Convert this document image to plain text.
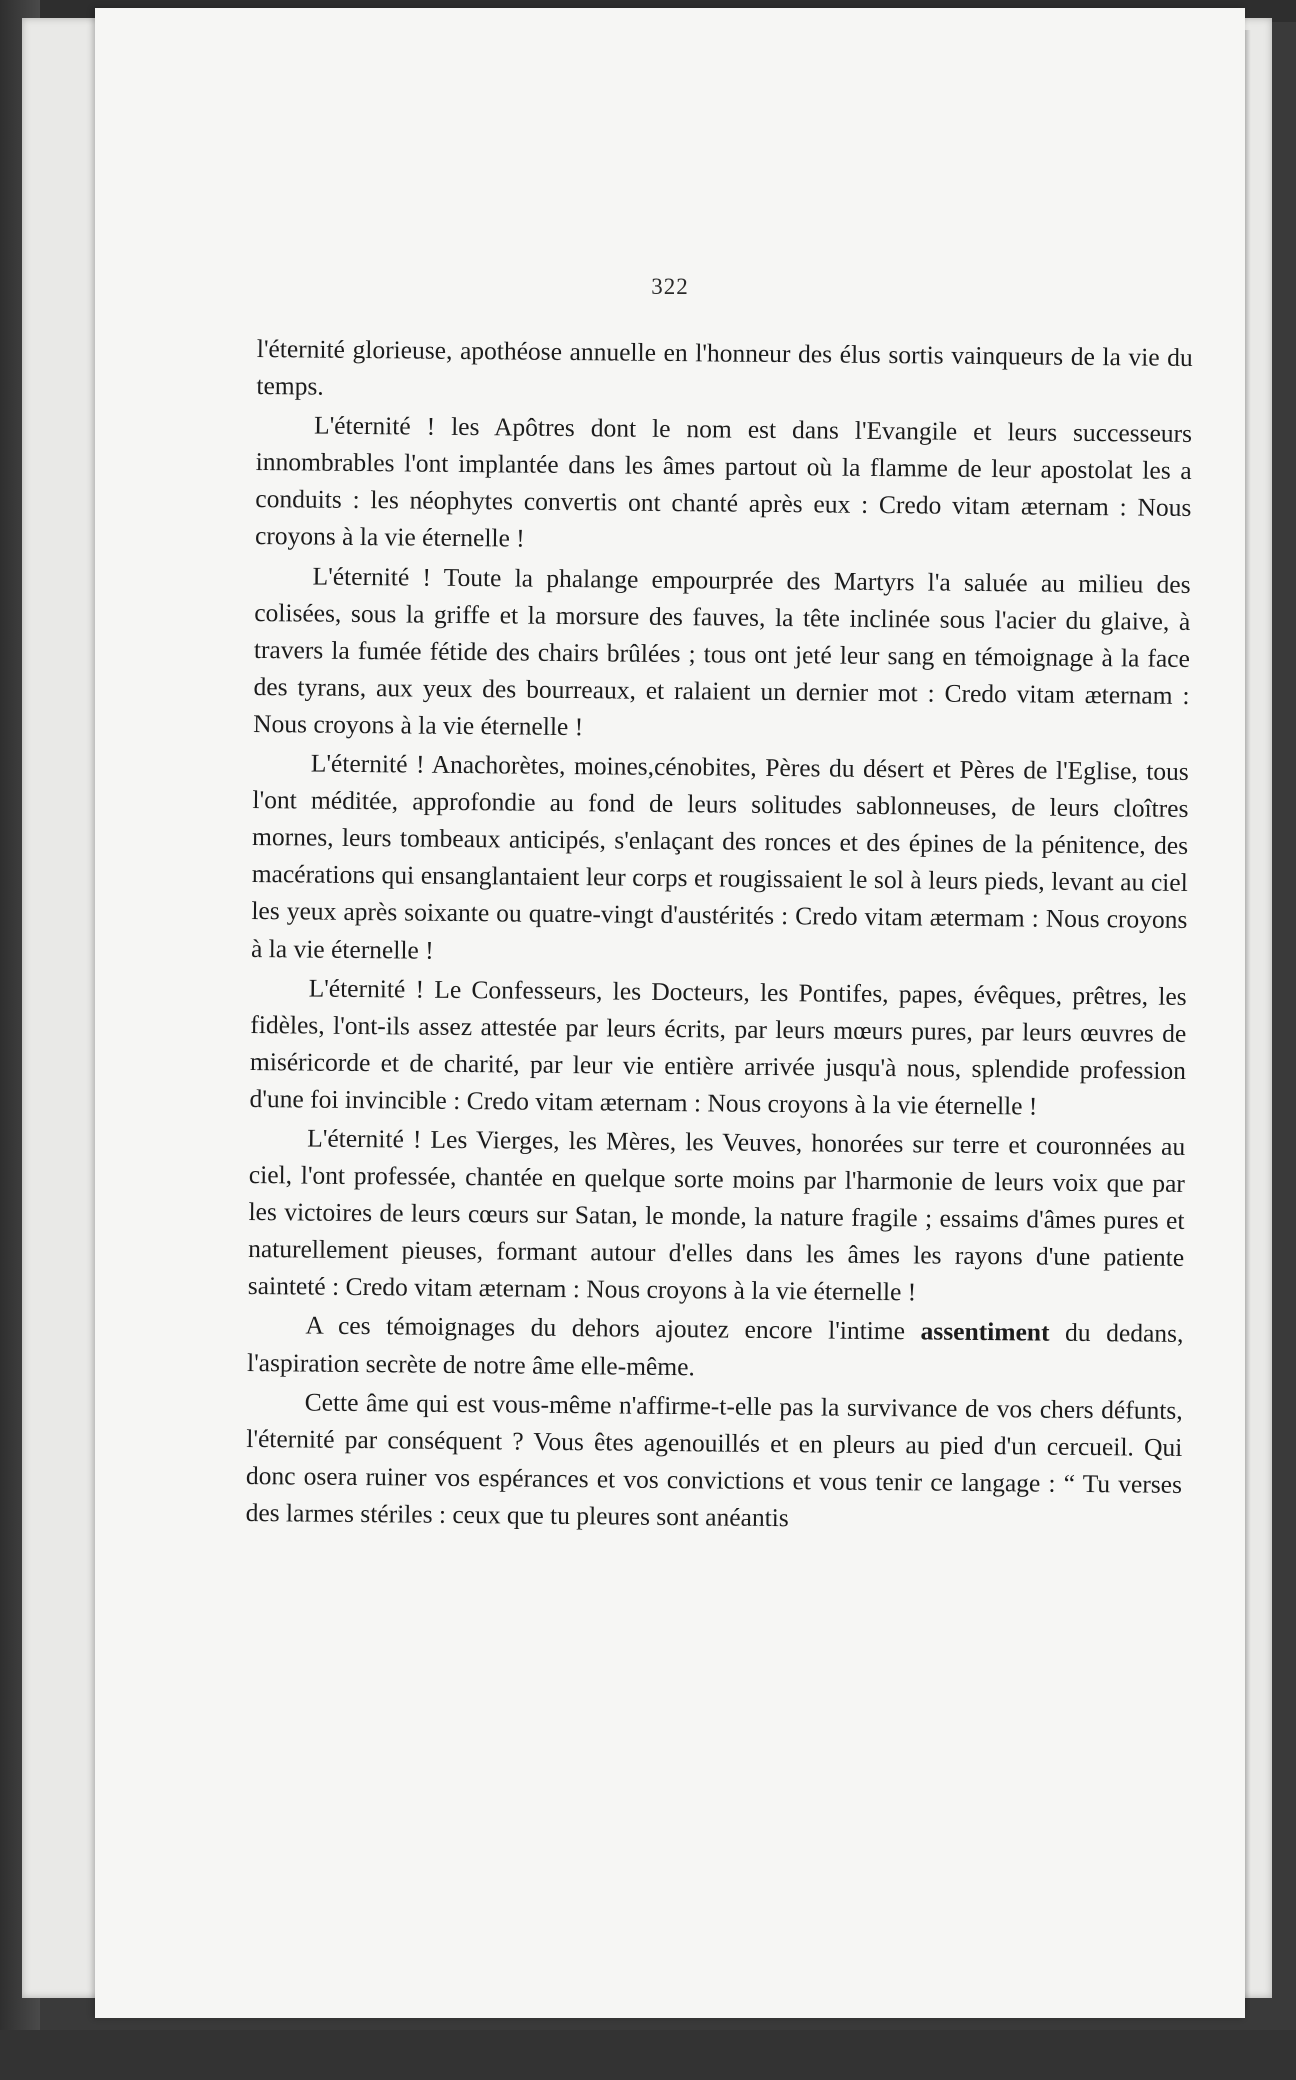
322

l'éternité glorieuse, apothéose annuelle en l'honneur des élus sortis vainqueurs de la vie du temps.

L'éternité ! les Apôtres dont le nom est dans l'Evangile et leurs successeurs innombrables l'ont implantée dans les âmes partout où la flamme de leur apostolat les a conduits : les néophytes convertis ont chanté après eux : Credo vitam æternam : Nous croyons à la vie éternelle !

L'éternité ! Toute la phalange empourprée des Martyrs l'a saluée au milieu des colisées, sous la griffe et la morsure des fauves, la tête inclinée sous l'acier du glaive, à travers la fumée fétide des chairs brûlées ; tous ont jeté leur sang en témoignage à la face des tyrans, aux yeux des bourreaux, et ralaient un dernier mot : Credo vitam æternam : Nous croyons à la vie éternelle !

L'éternité ! Anachorètes, moines,cénobites, Pères du désert et Pères de l'Eglise, tous l'ont méditée, approfondie au fond de leurs solitudes sablonneuses, de leurs cloîtres mornes, leurs tombeaux anticipés, s'enlaçant des ronces et des épines de la pénitence, des macérations qui ensanglantaient leur corps et rougissaient le sol à leurs pieds, levant au ciel les yeux après soixante ou quatre-vingt d'austérités : Credo vitam ætermam : Nous croyons à la vie éternelle !

L'éternité ! Le Confesseurs, les Docteurs, les Pontifes, papes, évêques, prêtres, les fidèles, l'ont-ils assez attestée par leurs écrits, par leurs mœurs pures, par leurs œuvres de miséricorde et de charité, par leur vie entière arrivée jusqu'à nous, splendide profession d'une foi invincible : Credo vitam æternam : Nous croyons à la vie éternelle !

L'éternité ! Les Vierges, les Mères, les Veuves, honorées sur terre et couronnées au ciel, l'ont professée, chantée en quelque sorte moins par l'harmonie de leurs voix que par les victoires de leurs cœurs sur Satan, le monde, la nature fragile ; essaims d'âmes pures et naturellement pieuses, formant autour d'elles dans les âmes les rayons d'une patiente sainteté : Credo vitam æternam : Nous croyons à la vie éternelle !

A ces témoignages du dehors ajoutez encore l'intime assentiment du dedans, l'aspiration secrète de notre âme elle-même.

Cette âme qui est vous-même n'affirme-t-elle pas la survivance de vos chers défunts, l'éternité par conséquent ? Vous êtes agenouillés et en pleurs au pied d'un cercueil. Qui donc osera ruiner vos espérances et vos convictions et vous tenir ce langage : “ Tu verses des larmes stériles : ceux que tu pleures sont anéantis
